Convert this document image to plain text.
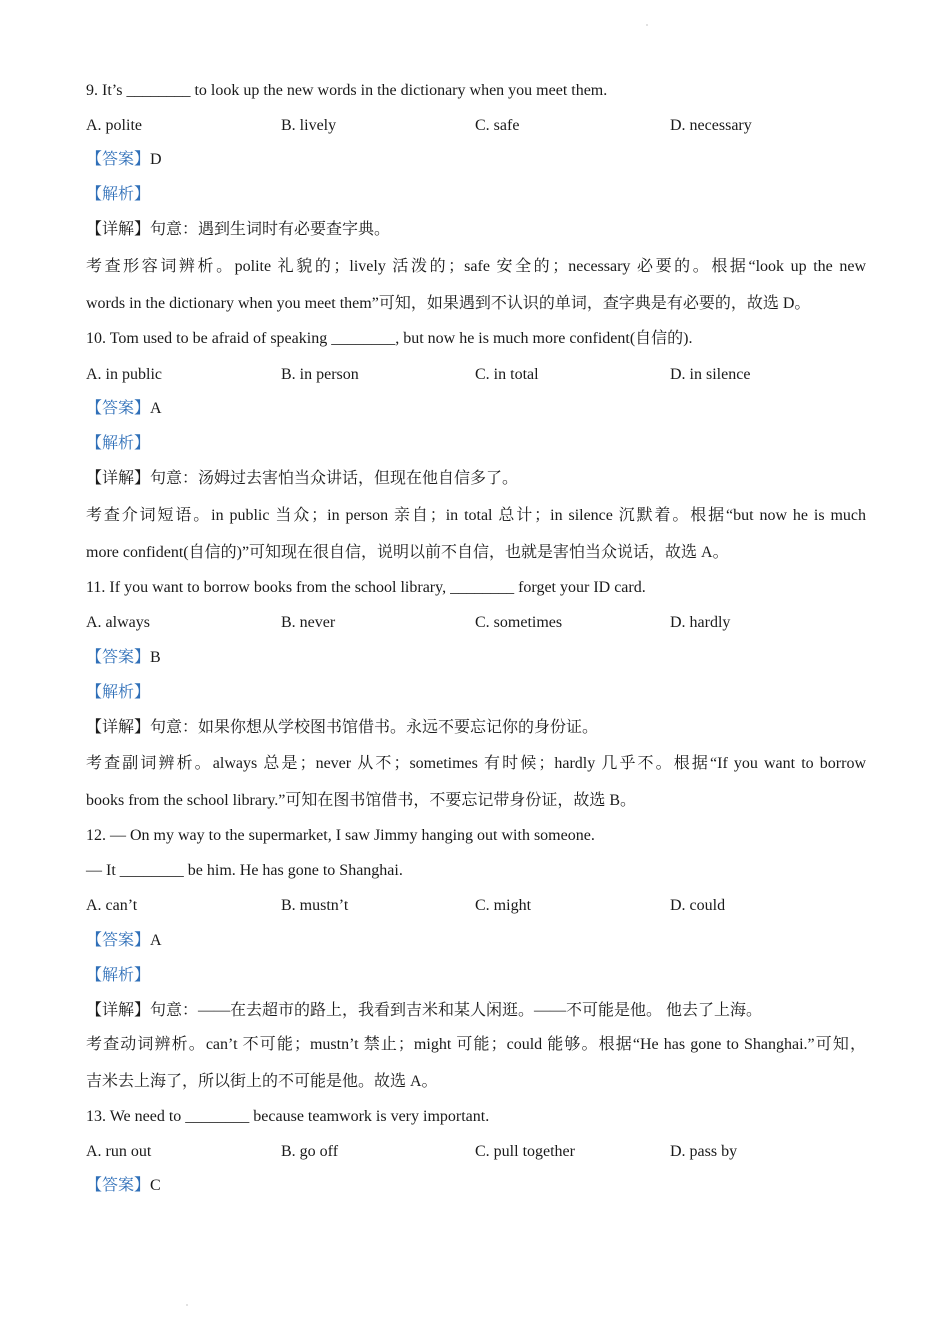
9. It’s ________ to look up the new words in the dictionary when you meet them.
A. polite	B. lively	C. safe	D. necessary
【答案】D
【解析】
【详解】句意：遇到生词时有必要查字典。
考查形容词辨析。polite 礼貌的；lively 活泼的；safe 安全的；necessary 必要的。根据“look up the new
words in the dictionary when you meet them”可知，如果遇到不认识的单词，查字典是有必要的，故选 D。
10. Tom used to be afraid of speaking ________, but now he is much more confident(自信的).
A. in public	B. in person	C. in total	D. in silence
【答案】A
【解析】
【详解】句意：汤姆过去害怕当众讲话，但现在他自信多了。
考查介词短语。in public 当众；in person 亲自；in total 总计；in silence 沉默着。根据“but now he is much
more confident(自信的)”可知现在很自信，说明以前不自信，也就是害怕当众说话，故选 A。
11. If you want to borrow books from the school library, ________ forget your ID card.
A. always	B. never	C. sometimes	D. hardly
【答案】B
【解析】
【详解】句意：如果你想从学校图书馆借书。永远不要忘记你的身份证。
考查副词辨析。always 总是；never 从不；sometimes 有时候；hardly 几乎不。根据“If you want to borrow
books from the school library.”可知在图书馆借书，不要忘记带身份证，故选 B。
12. — On my way to the supermarket, I saw Jimmy hanging out with someone.
— It ________ be him. He has gone to Shanghai.
A. can’t	B. mustn’t	C. might	D. could
【答案】A
【解析】
【详解】句意：——在去超市的路上，我看到吉米和某人闲逛。——不可能是他。 他去了上海。
考查动词辨析。can’t 不可能；mustn’t 禁止；might 可能；could 能够。根据“He has gone to Shanghai.”可知，
吉米去上海了，所以街上的不可能是他。故选 A。
13. We need to ________ because teamwork is very important.
A. run out	B. go off	C. pull together	D. pass by
【答案】C
